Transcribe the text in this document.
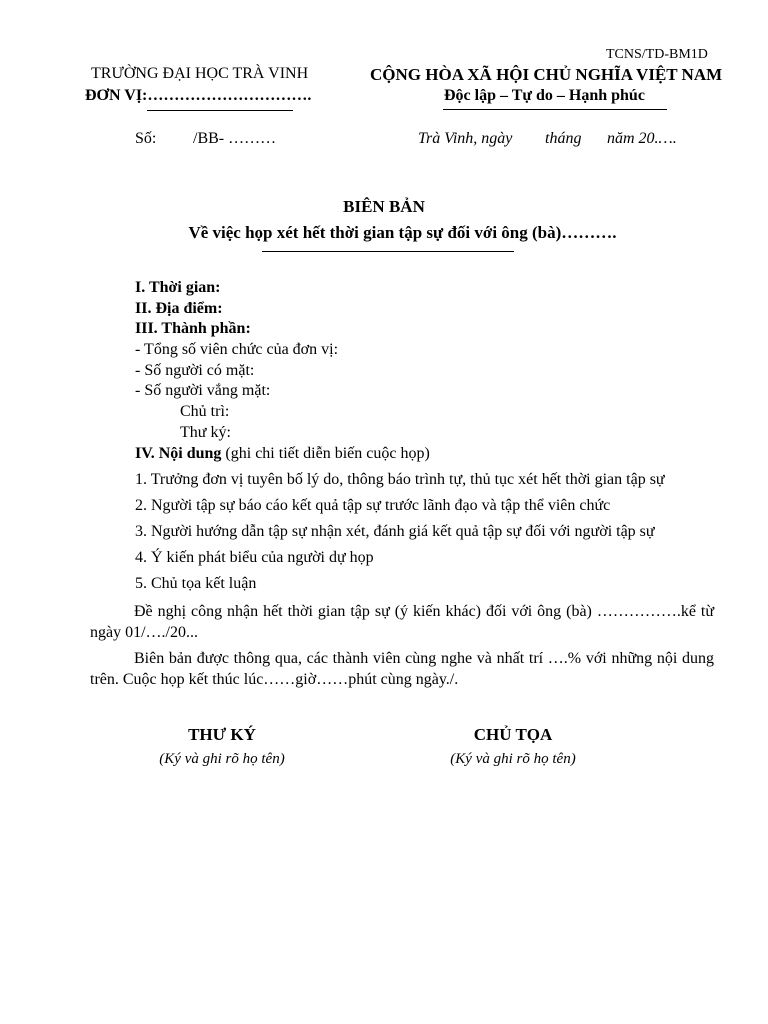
TCNS/TD-BM1D
TRƯỜNG ĐẠI HỌC TRÀ VINH
ĐƠN VỊ:………………………….
CỘNG HÒA XÃ HỘI CHỦ NGHĨA VIỆT NAM
Độc lập – Tự do – Hạnh phúc
Số: /BB- ………	Trà Vinh, ngày tháng năm 20.….
BIÊN BẢN
Về việc họp xét hết thời gian tập sự đối với ông (bà)……….
I. Thời gian:
II. Địa điểm:
III. Thành phần:
- Tổng số viên chức của đơn vị:
- Số người có mặt:
- Số người vắng mặt:
Chủ trì:
Thư ký:
IV. Nội dung (ghi chi tiết diễn biến cuộc họp)
1. Trưởng đơn vị tuyên bố lý do, thông báo trình tự, thủ tục xét hết thời gian tập sự
2. Người tập sự báo cáo kết quả tập sự trước lãnh đạo và tập thể viên chức
3. Người hướng dẫn tập sự nhận xét, đánh giá kết quả tập sự đối với người tập sự
4. Ý kiến phát biểu của người dự họp
5. Chủ tọa kết luận
Đề nghị công nhận hết thời gian tập sự (ý kiến khác) đối với ông (bà) …………….kể từ ngày 01/…./20...
Biên bản được thông qua, các thành viên cùng nghe và nhất trí ….% với những nội dung trên. Cuộc họp kết thúc lúc……giờ……phút cùng ngày./.
THƯ KÝ
(Ký và ghi rõ họ tên)
CHỦ TỌA
(Ký và ghi rõ họ tên)
